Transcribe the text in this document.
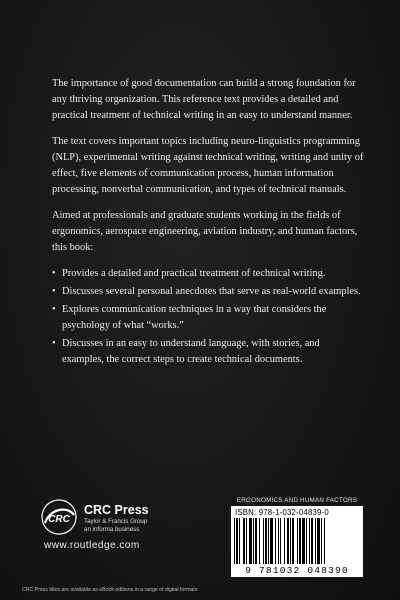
The importance of good documentation can build a strong foundation for any thriving organization. This reference text provides a detailed and practical treatment of technical writing in an easy to understand manner.

The text covers important topics including neuro-linguistics programming (NLP), experimental writing against technical writing, writing and unity of effect, five elements of communication process, human information processing, nonverbal communication, and types of technical manuals.

Aimed at professionals and graduate students working in the fields of ergonomics, aerospace engineering, aviation industry, and human factors, this book:

• Provides a detailed and practical treatment of technical writing.
• Discusses several personal anecdotes that serve as real-world examples.
• Explores communication techniques in a way that considers the psychology of what “works.”
• Discusses in an easy to understand language, with stories, and examples, the correct steps to create technical documents.
CRC
CRC Press
Taylor & Francis Group
an informa business
www.routledge.com
CRC Press titles are available as eBook editions in a range of digital formats
ERGONOMICS AND HUMAN FACTORS
ISBN: 978-1-032-04839-0
9 781032 048390
